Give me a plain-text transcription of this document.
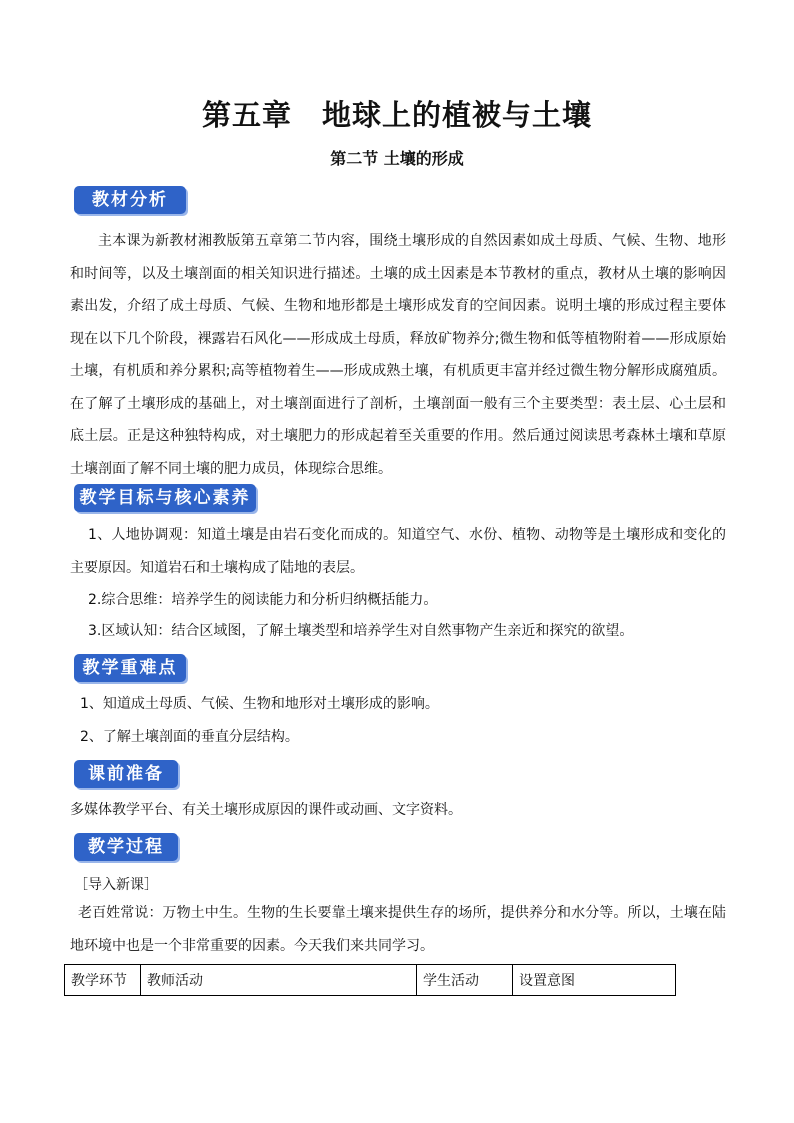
第五章　地球上的植被与土壤
第二节 土壤的形成
教材分析

主本课为新教材湘教版第五章第二节内容，围绕土壤形成的自然因素如成土母质、气候、生物、地形和时间等，以及土壤剖面的相关知识进行描述。土壤的成土因素是本节教材的重点，教材从土壤的影响因素出发，介绍了成土母质、气候、生物和地形都是土壤形成发育的空间因素。说明土壤的形成过程主要体现在以下几个阶段，裸露岩石风化——形成成土母质，释放矿物养分;微生物和低等植物附着——形成原始土壤，有机质和养分累积;高等植物着生——形成成熟土壤，有机质更丰富并经过微生物分解形成腐殖质。在了解了土壤形成的基础上，对土壤剖面进行了剖析，土壤剖面一般有三个主要类型：表土层、心土层和底土层。正是这种独特构成，对土壤肥力的形成起着至关重要的作用。然后通过阅读思考森林土壤和草原土壤剖面了解不同土壤的肥力成员，体现综合思维。

教学目标与核心素养

1、人地协调观：知道土壤是由岩石变化而成的。知道空气、水份、植物、动物等是土壤形成和变化的主要原因。知道岩石和土壤构成了陆地的表层。

2.综合思维：培养学生的阅读能力和分析归纳概括能力。

3.区域认知：结合区域图，了解土壤类型和培养学生对自然事物产生亲近和探究的欲望。

教学重难点

1、知道成土母质、气候、生物和地形对土壤形成的影响。

2、了解土壤剖面的垂直分层结构。

课前准备

多媒体教学平台、有关土壤形成原因的课件或动画、文字资料。

教学过程

［导入新课］

老百姓常说：万物土中生。生物的生长要靠土壤来提供生存的场所，提供养分和水分等。所以，土壤在陆地环境中也是一个非常重要的因素。今天我们来共同学习。

教学环节	教师活动	学生活动	设置意图
